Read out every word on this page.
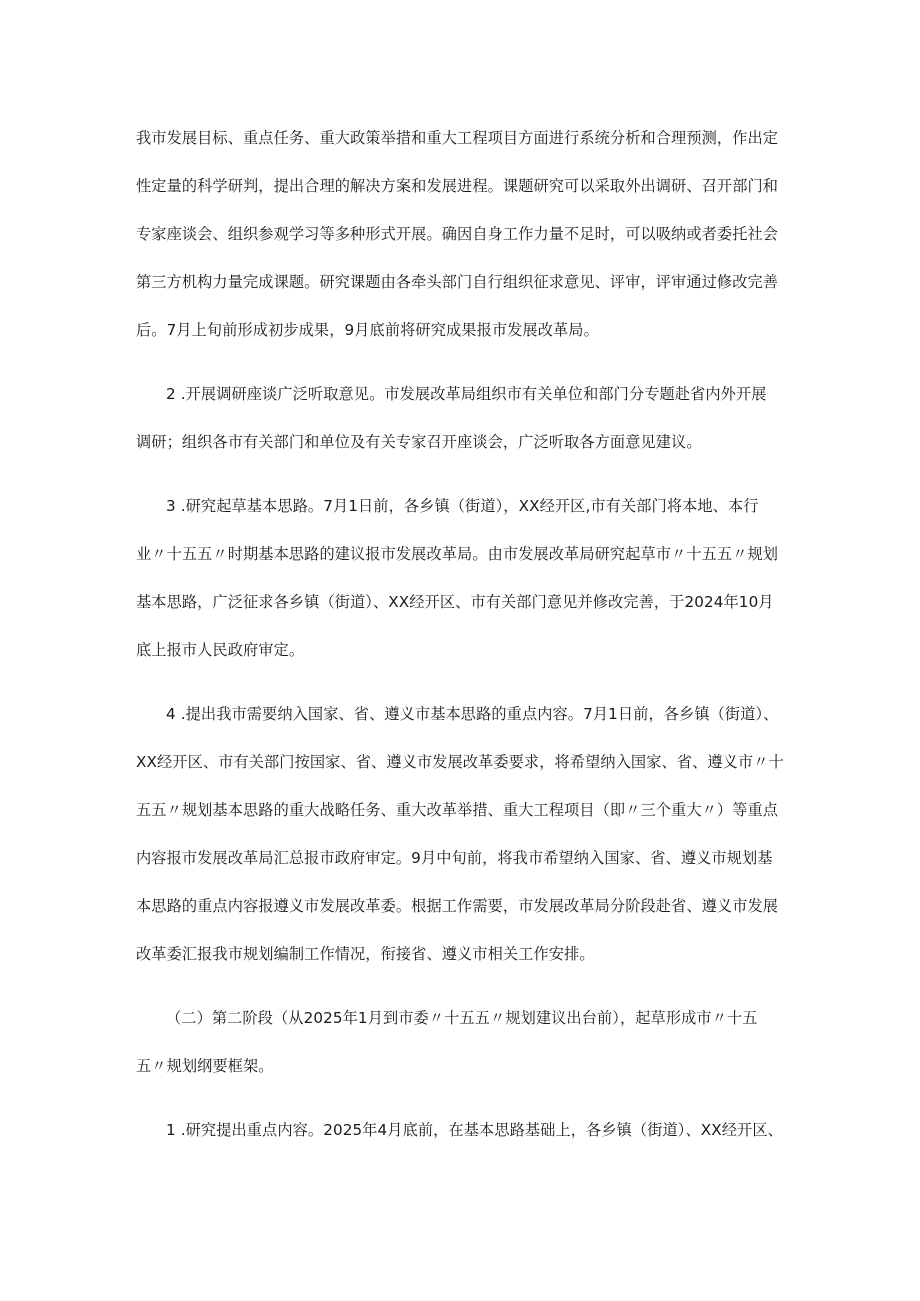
我市发展目标、重点任务、重大政策举措和重大工程项目方面进行系统分析和合理预测，作出定
性定量的科学研判，提出合理的解决方案和发展进程。课题研究可以采取外出调研、召开部门和
专家座谈会、组织参观学习等多种形式开展。确因自身工作力量不足时，可以吸纳或者委托社会
第三方机构力量完成课题。研究课题由各牵头部门自行组织征求意见、评审，评审通过修改完善
后。7月上旬前形成初步成果，9月底前将研究成果报市发展改革局。
2 .开展调研座谈广泛听取意见。市发展改革局组织市有关单位和部门分专题赴省内外开展
调研；组织各市有关部门和单位及有关专家召开座谈会，广泛听取各方面意见建议。
3 .研究起草基本思路。7月1日前，各乡镇（街道），XX经开区,市有关部门将本地、本行
业〃十五五〃时期基本思路的建议报市发展改革局。由市发展改革局研究起草市〃十五五〃规划
基本思路，广泛征求各乡镇（街道）、XX经开区、市有关部门意见并修改完善，于2024年10月
底上报市人民政府审定。
4 .提出我市需要纳入国家、省、遵义市基本思路的重点内容。7月1日前，各乡镇（街道）、
XX经开区、市有关部门按国家、省、遵义市发展改革委要求，将希望纳入国家、省、遵义市〃十
五五〃规划基本思路的重大战略任务、重大改革举措、重大工程项目（即〃三个重大〃）等重点
内容报市发展改革局汇总报市政府审定。9月中旬前，将我市希望纳入国家、省、遵义市规划基
本思路的重点内容报遵义市发展改革委。根据工作需要，市发展改革局分阶段赴省、遵义市发展
改革委汇报我市规划编制工作情况，衔接省、遵义市相关工作安排。
（二）第二阶段（从2025年1月到市委〃十五五〃规划建议出台前），起草形成市〃十五
五〃规划纲要框架。
1 .研究提出重点内容。2025年4月底前，在基本思路基础上，各乡镇（街道）、XX经开区、
